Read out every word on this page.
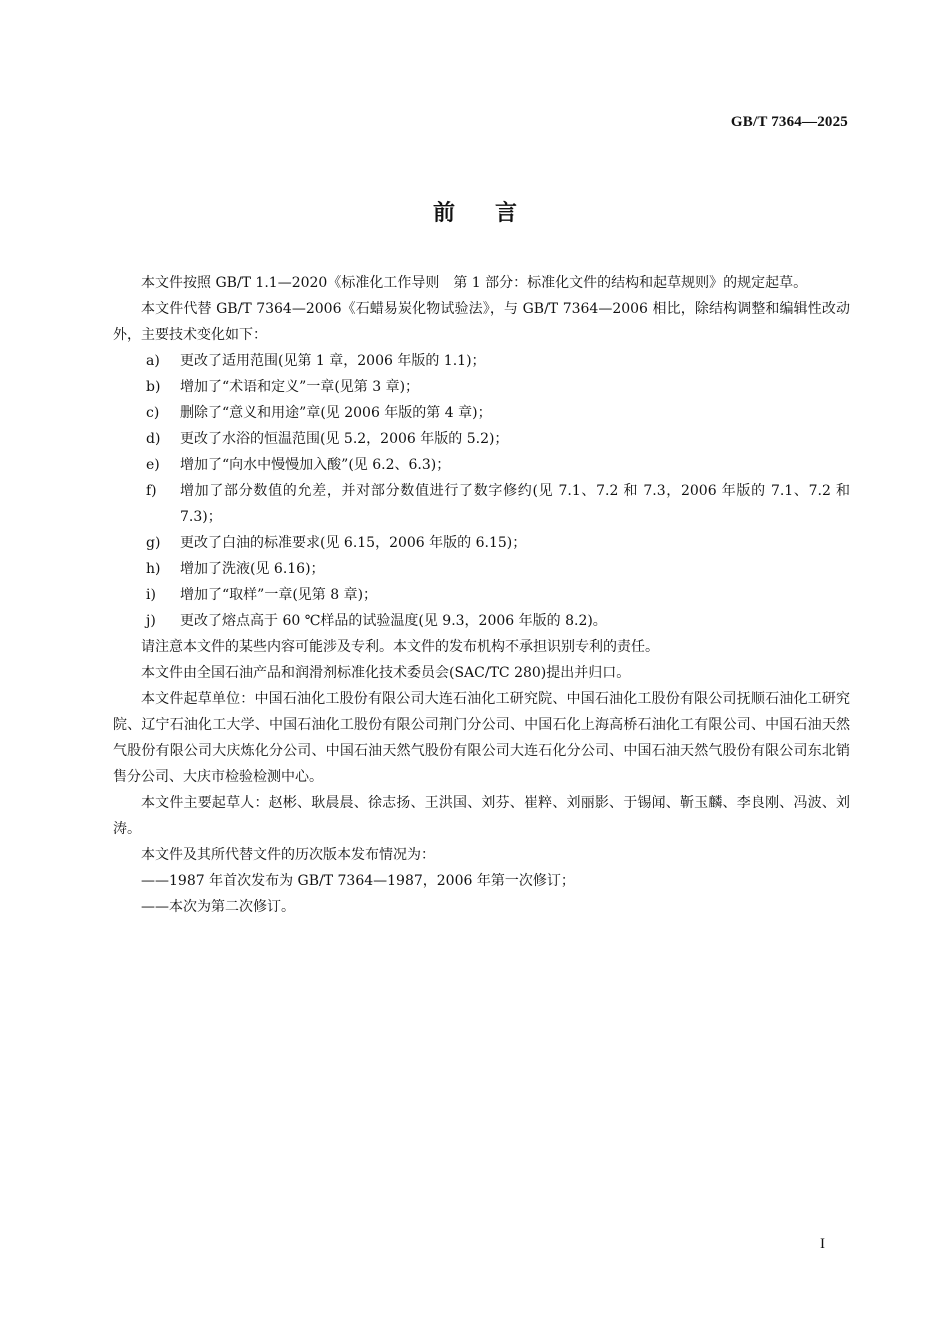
GB/T 7364—2025
前言

本文件按照 GB/T 1.1—2020《标准化工作导则　第 1 部分：标准化文件的结构和起草规则》的规定起草。

本文件代替 GB/T 7364—2006《石蜡易炭化物试验法》，与 GB/T 7364—2006 相比，除结构调整和编辑性改动外，主要技术变化如下：

a) 更改了适用范围(见第 1 章，2006 年版的 1.1)；
b) 增加了“术语和定义”一章(见第 3 章)；
c) 删除了“意义和用途”章(见 2006 年版的第 4 章)；
d) 更改了水浴的恒温范围(见 5.2，2006 年版的 5.2)；
e) 增加了“向水中慢慢加入酸”(见 6.2、6.3)；
f) 增加了部分数值的允差，并对部分数值进行了数字修约(见 7.1、7.2 和 7.3，2006 年版的 7.1、7.2 和 7.3)；
g) 更改了白油的标准要求(见 6.15，2006 年版的 6.15)；
h) 增加了洗液(见 6.16)；
i) 增加了“取样”一章(见第 8 章)；
j) 更改了熔点高于 60 ℃样品的试验温度(见 9.3，2006 年版的 8.2)。

请注意本文件的某些内容可能涉及专利。本文件的发布机构不承担识别专利的责任。

本文件由全国石油产品和润滑剂标准化技术委员会(SAC/TC 280)提出并归口。

本文件起草单位：中国石油化工股份有限公司大连石油化工研究院、中国石油化工股份有限公司抚顺石油化工研究院、辽宁石油化工大学、中国石油化工股份有限公司荆门分公司、中国石化上海高桥石油化工有限公司、中国石油天然气股份有限公司大庆炼化分公司、中国石油天然气股份有限公司大连石化分公司、中国石油天然气股份有限公司东北销售分公司、大庆市检验检测中心。

本文件主要起草人：赵彬、耿晨晨、徐志扬、王洪国、刘芬、崔粹、刘丽影、于锡闻、靳玉麟、李良刚、冯波、刘涛。

本文件及其所代替文件的历次版本发布情况为：

——1987 年首次发布为 GB/T 7364—1987，2006 年第一次修订；

——本次为第二次修订。

I
